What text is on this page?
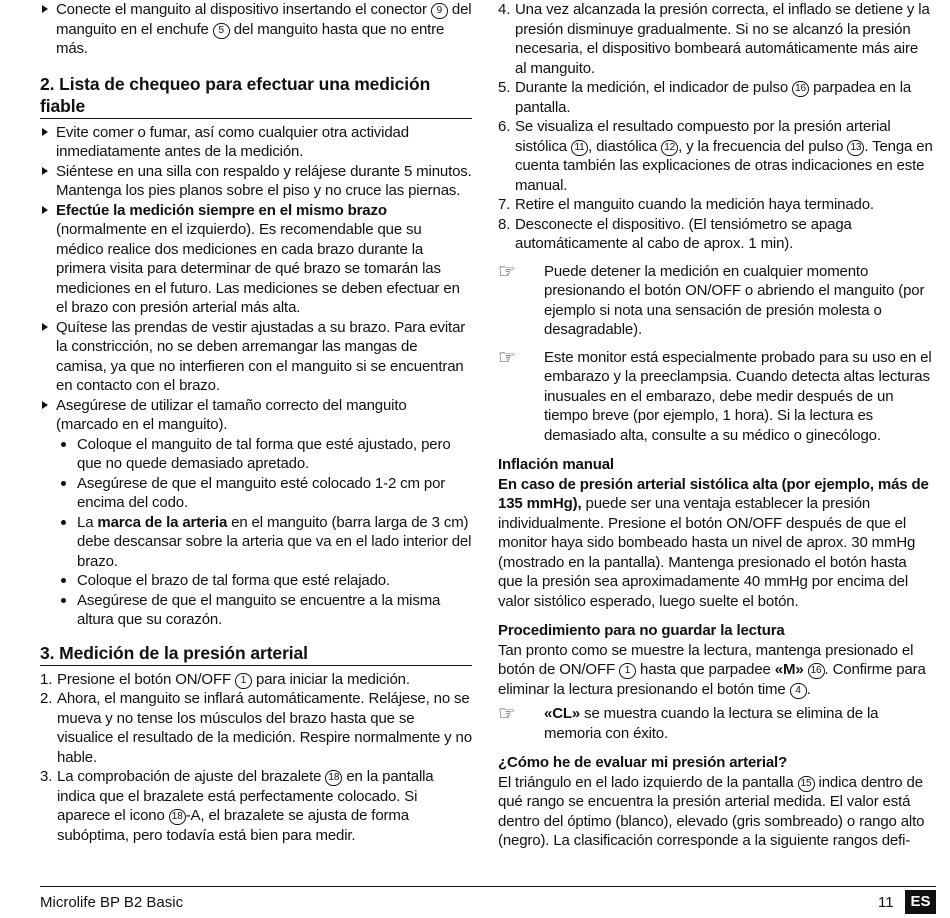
Conecte el manguito al dispositivo insertando el conector 9 del manguito en el enchufe 5 del manguito hasta que no entre más.

2. Lista de chequeo para efectuar una medición fiable

Evite comer o fumar, así como cualquier otra actividad inmediatamente antes de la medición.

Siéntese en una silla con respaldo y relájese durante 5 minutos. Mantenga los pies planos sobre el piso y no cruce las piernas.

Efectúe la medición siempre en el mismo brazo (normalmente en el izquierdo). Es recomendable que su médico realice dos mediciones en cada brazo durante la primera visita para determinar de qué brazo se tomarán las mediciones en el futuro. Las mediciones se deben efectuar en el brazo con presión arterial más alta.

Quítese las prendas de vestir ajustadas a su brazo. Para evitar la constricción, no se deben arremangar las mangas de camisa, ya que no interfieren con el manguito si se encuentran en contacto con el brazo.

Asegúrese de utilizar el tamaño correcto del manguito (marcado en el manguito).

Coloque el manguito de tal forma que esté ajustado, pero que no quede demasiado apretado.

Asegúrese de que el manguito esté colocado 1-2 cm por encima del codo.

La marca de la arteria en el manguito (barra larga de 3 cm) debe descansar sobre la arteria que va en el lado interior del brazo.

Coloque el brazo de tal forma que esté relajado.

Asegúrese de que el manguito se encuentre a la misma altura que su corazón.

3. Medición de la presión arterial

1. Presione el botón ON/OFF 1 para iniciar la medición.

2. Ahora, el manguito se inflará automáticamente. Relájese, no se mueva y no tense los músculos del brazo hasta que se visualice el resultado de la medición. Respire normalmente y no hable.

3. La comprobación de ajuste del brazalete 18 en la pantalla indica que el brazalete está perfectamente colocado. Si aparece el icono 18 -A, el brazalete se ajusta de forma subóptima, pero todavía está bien para medir.

4. Una vez alcanzada la presión correcta, el inflado se detiene y la presión disminuye gradualmente. Si no se alcanzó la presión necesaria, el dispositivo bombeará automáticamente más aire al manguito.

5. Durante la medición, el indicador de pulso 16 parpadea en la pantalla.

6. Se visualiza el resultado compuesto por la presión arterial sistólica 11 , diastólica 12 , y la frecuencia del pulso 13 . Tenga en cuenta también las explicaciones de otras indicaciones en este manual.

7. Retire el manguito cuando la medición haya terminado.

8. Desconecte el dispositivo. (El tensiómetro se apaga automáticamente al cabo de aprox. 1 min).

☞ Puede detener la medición en cualquier momento presionando el botón ON/OFF o abriendo el manguito (por ejemplo si nota una sensación de presión molesta o desagradable).

☞ Este monitor está especialmente probado para su uso en el embarazo y la preeclampsia. Cuando detecta altas lecturas inusuales en el embarazo, debe medir después de un tiempo breve (por ejemplo, 1 hora). Si la lectura es demasiado alta, consulte a su médico o ginecólogo.

Inflación manual

En caso de presión arterial sistólica alta (por ejemplo, más de 135 mmHg), puede ser una ventaja establecer la presión individualmente. Presione el botón ON/OFF después de que el monitor haya sido bombeado hasta un nivel de aprox. 30 mmHg (mostrado en la pantalla). Mantenga presionado el botón hasta que la presión sea aproximadamente 40 mmHg por encima del valor sistólico esperado, luego suelte el botón.

Procedimiento para no guardar la lectura

Tan pronto como se muestre la lectura, mantenga presionado el botón de ON/OFF 1 hasta que parpadee «M» 16 . Confirme para eliminar la lectura presionando el botón time 4 .

☞ «CL» se muestra cuando la lectura se elimina de la memoria con éxito.

¿Cómo he de evaluar mi presión arterial?

El triángulo en el lado izquierdo de la pantalla 15 indica dentro de qué rango se encuentra la presión arterial medida. El valor está dentro del óptimo (blanco), elevado (gris sombreado) o rango alto (negro). La clasificación corresponde a la siguiente rangos defi-

Microlife BP B2 Basic	11	ES
